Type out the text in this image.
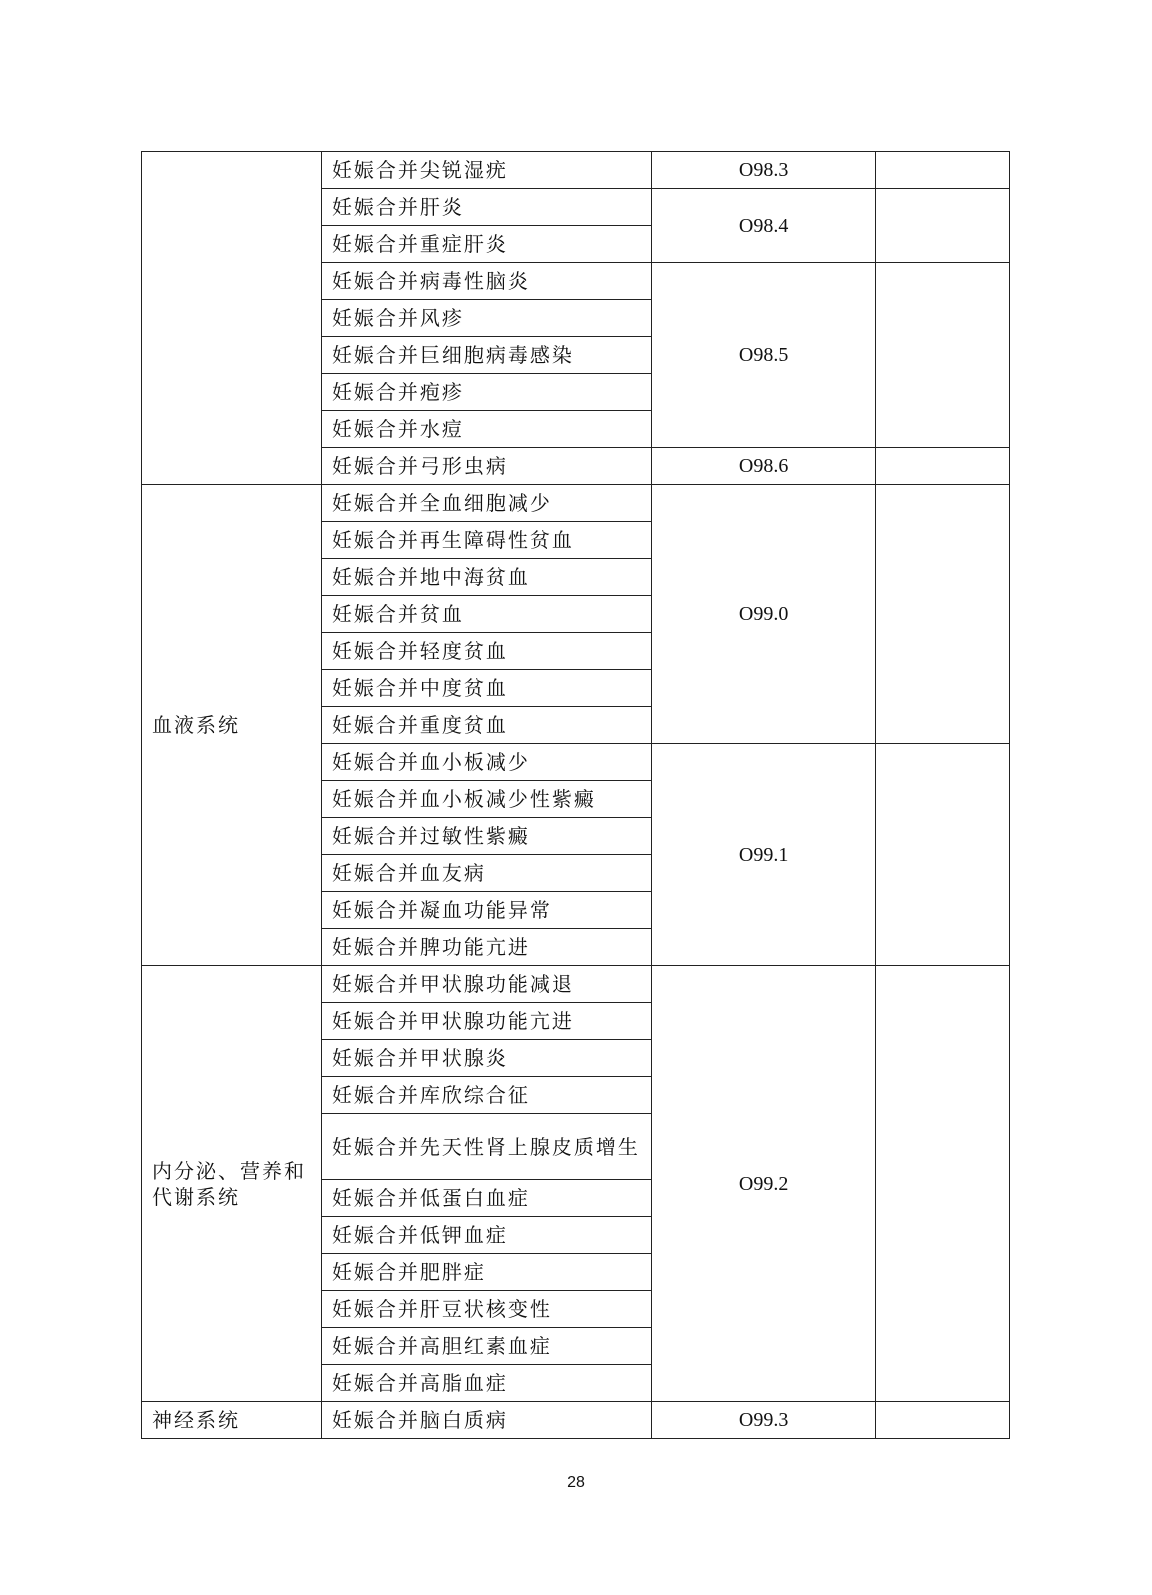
	妊娠合并尖锐湿疣	O98.3	
	妊娠合并肝炎	O98.4	
	妊娠合并重症肝炎		
	妊娠合并病毒性脑炎	O98.5	
	妊娠合并风疹		
	妊娠合并巨细胞病毒感染		
	妊娠合并疱疹		
	妊娠合并水痘		
	妊娠合并弓形虫病	O98.6	
血液系统	妊娠合并全血细胞减少	O99.0	
	妊娠合并再生障碍性贫血		
	妊娠合并地中海贫血		
	妊娠合并贫血		
	妊娠合并轻度贫血		
	妊娠合并中度贫血		
	妊娠合并重度贫血		
	妊娠合并血小板减少	O99.1	
	妊娠合并血小板减少性紫癜		
	妊娠合并过敏性紫癜		
	妊娠合并血友病		
	妊娠合并凝血功能异常		
	妊娠合并脾功能亢进		
内分泌、营养和代谢系统	妊娠合并甲状腺功能减退	O99.2	
	妊娠合并甲状腺功能亢进		
	妊娠合并甲状腺炎		
	妊娠合并库欣综合征		
	妊娠合并先天性肾上腺皮质增生		
	妊娠合并低蛋白血症		
	妊娠合并低钾血症		
	妊娠合并肥胖症		
	妊娠合并肝豆状核变性		
	妊娠合并高胆红素血症		
	妊娠合并高脂血症		
神经系统	妊娠合并脑白质病	O99.3	
28
